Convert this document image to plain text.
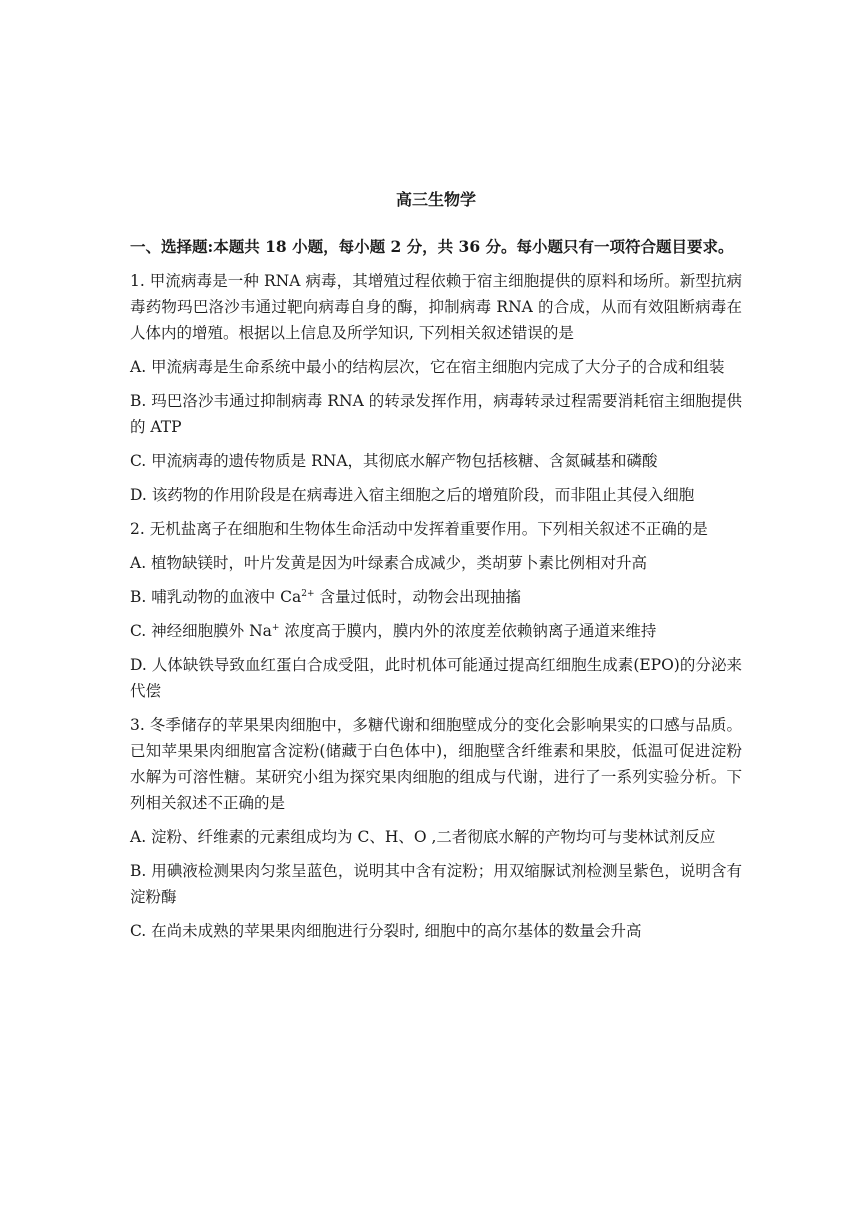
高三生物学
一、选择题:本题共 18 小题，每小题 2 分，共 36 分。每小题只有一项符合题目要求。

1. 甲流病毒是一种 RNA 病毒，其增殖过程依赖于宿主细胞提供的原料和场所。新型抗病毒药物玛巴洛沙韦通过靶向病毒自身的酶，抑制病毒 RNA 的合成，从而有效阻断病毒在人体内的增殖。根据以上信息及所学知识, 下列相关叙述错误的是

A. 甲流病毒是生命系统中最小的结构层次，它在宿主细胞内完成了大分子的合成和组装

B. 玛巴洛沙韦通过抑制病毒 RNA 的转录发挥作用，病毒转录过程需要消耗宿主细胞提供的 ATP

C. 甲流病毒的遗传物质是 RNA，其彻底水解产物包括核糖、含氮碱基和磷酸

D. 该药物的作用阶段是在病毒进入宿主细胞之后的增殖阶段，而非阻止其侵入细胞

2. 无机盐离子在细胞和生物体生命活动中发挥着重要作用。下列相关叙述不正确的是

A. 植物缺镁时，叶片发黄是因为叶绿素合成减少，类胡萝卜素比例相对升高

B. 哺乳动物的血液中 $Ca^{2+}$ 含量过低时，动物会出现抽搐

C. 神经细胞膜外 Na+ 浓度高于膜内，膜内外的浓度差依赖钠离子通道来维持

D. 人体缺铁导致血红蛋白合成受阻，此时机体可能通过提高红细胞生成素(EPO)的分泌来代偿

3. 冬季储存的苹果果肉细胞中，多糖代谢和细胞壁成分的变化会影响果实的口感与品质。已知苹果果肉细胞富含淀粉(储藏于白色体中)，细胞壁含纤维素和果胶，低温可促进淀粉水解为可溶性糖。某研究小组为探究果肉细胞的组成与代谢，进行了一系列实验分析。下列相关叙述不正确的是

A. 淀粉、纤维素的元素组成均为 C、H、O ,二者彻底水解的产物均可与斐林试剂反应

B. 用碘液检测果肉匀浆呈蓝色，说明其中含有淀粉；用双缩脲试剂检测呈紫色，说明含有淀粉酶

C. 在尚未成熟的苹果果肉细胞进行分裂时, 细胞中的高尔基体的数量会升高
